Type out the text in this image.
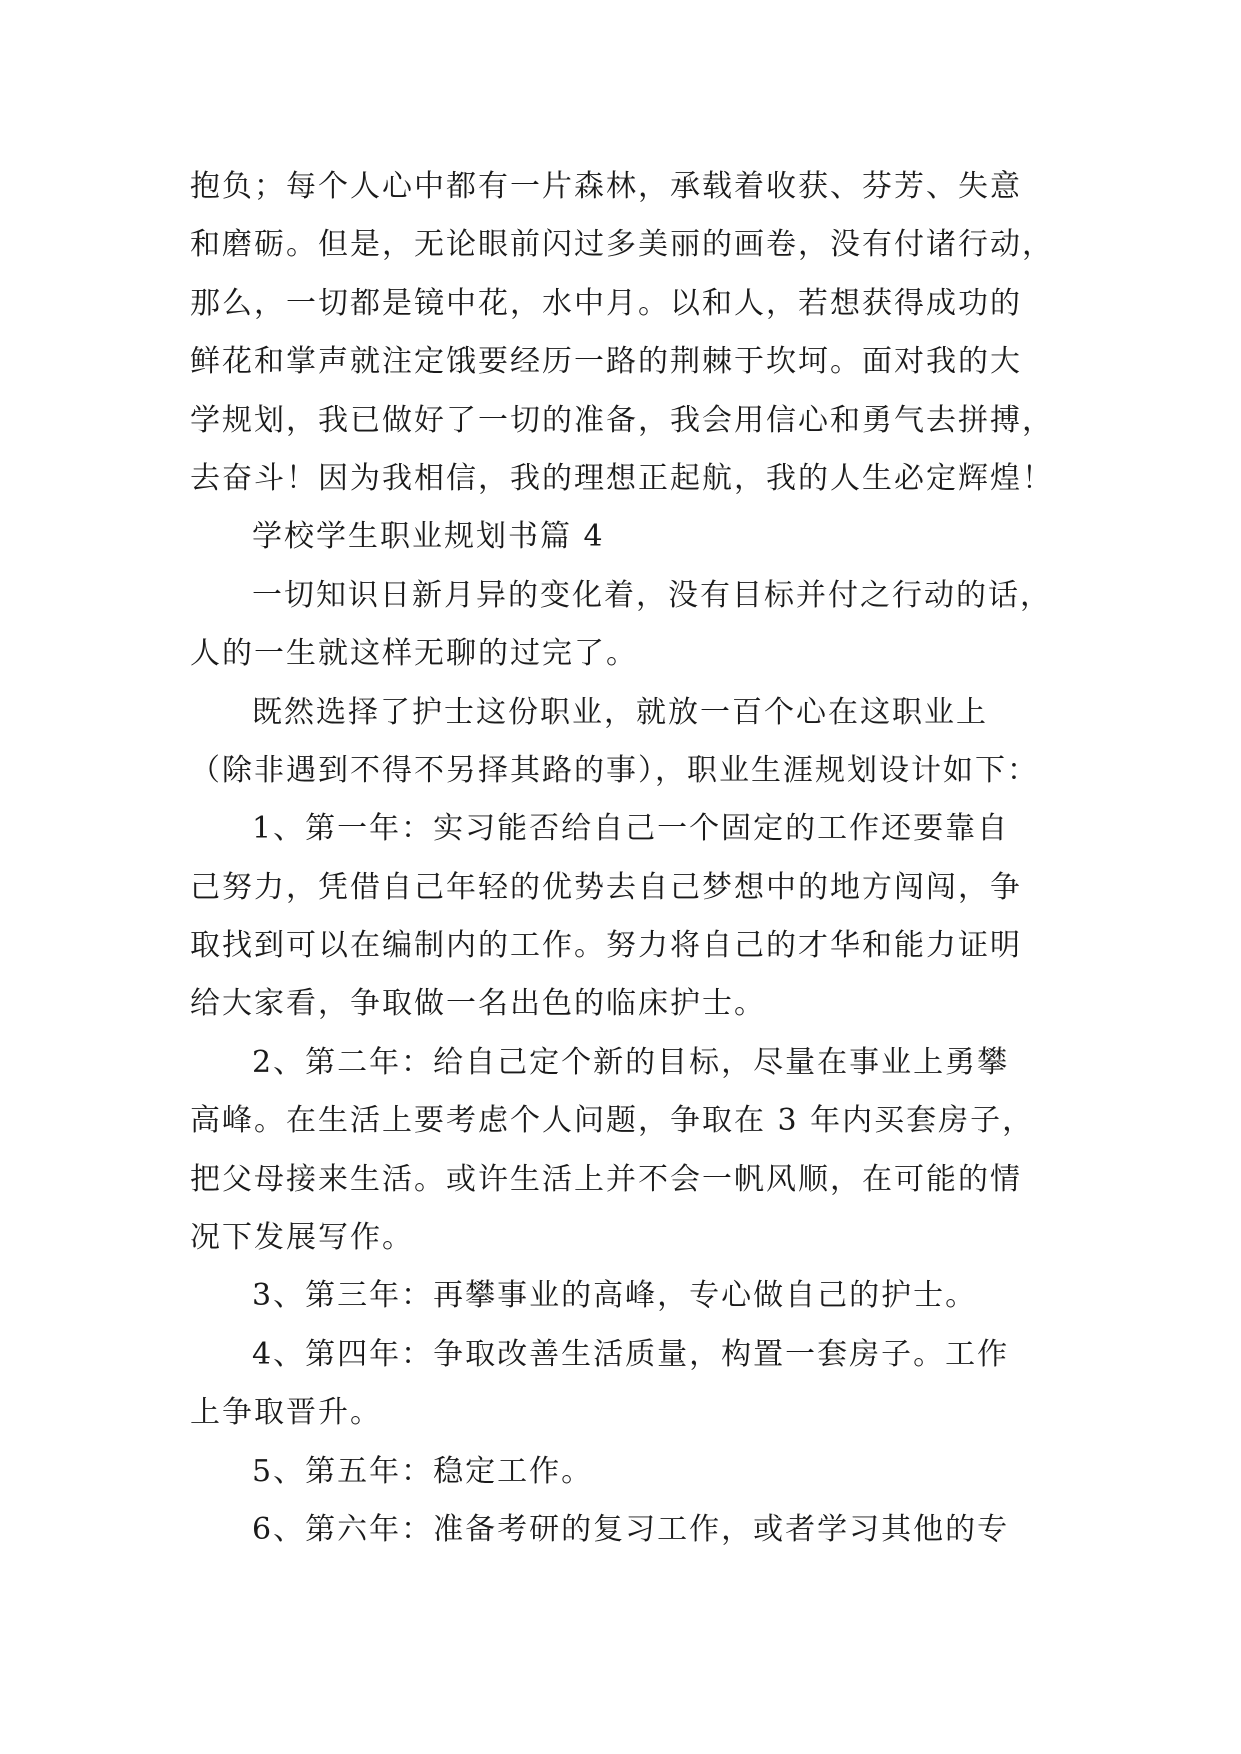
抱负；每个人心中都有一片森林，承载着收获、芬芳、失意
和磨砺。但是，无论眼前闪过多美丽的画卷，没有付诸行动，
那么，一切都是镜中花，水中月。以和人，若想获得成功的
鲜花和掌声就注定饿要经历一路的荆棘于坎坷。面对我的大
学规划，我已做好了一切的准备，我会用信心和勇气去拼搏，
去奋斗！因为我相信，我的理想正起航，我的人生必定辉煌！
学校学生职业规划书篇 4
一切知识日新月异的变化着，没有目标并付之行动的话，
人的一生就这样无聊的过完了。
既然选择了护士这份职业，就放一百个心在这职业上
（除非遇到不得不另择其路的事），职业生涯规划设计如下：
1、第一年：实习能否给自己一个固定的工作还要靠自
己努力，凭借自己年轻的优势去自己梦想中的地方闯闯，争
取找到可以在编制内的工作。努力将自己的才华和能力证明
给大家看，争取做一名出色的临床护士。
2、第二年：给自己定个新的目标，尽量在事业上勇攀
高峰。在生活上要考虑个人问题，争取在 3 年内买套房子，
把父母接来生活。或许生活上并不会一帆风顺，在可能的情
况下发展写作。
3、第三年：再攀事业的高峰，专心做自己的护士。
4、第四年：争取改善生活质量，构置一套房子。工作
上争取晋升。
5、第五年：稳定工作。
6、第六年：准备考研的复习工作，或者学习其他的专
